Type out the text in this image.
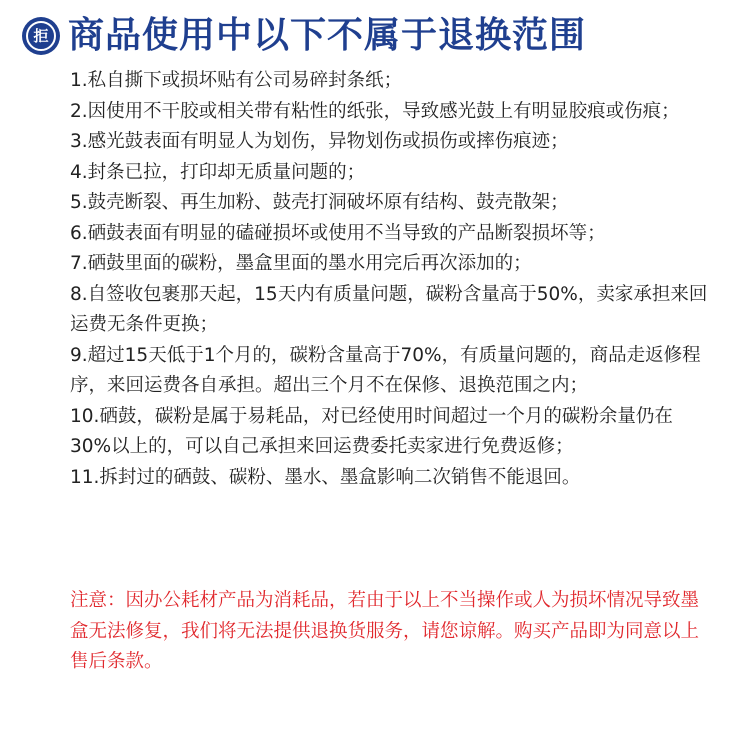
拒 商品使用中以下不属于退换范围
1.私自撕下或损坏贴有公司易碎封条纸；
2.因使用不干胶或相关带有粘性的纸张，导致感光鼓上有明显胶痕或伤痕；
3.感光鼓表面有明显人为划伤，异物划伤或损伤或摔伤痕迹；
4.封条已拉，打印却无质量问题的；
5.鼓壳断裂、再生加粉、鼓壳打洞破坏原有结构、鼓壳散架；
6.硒鼓表面有明显的磕碰损坏或使用不当导致的产品断裂损坏等；
7.硒鼓里面的碳粉，墨盒里面的墨水用完后再次添加的；
8.自签收包裹那天起，15天内有质量问题，碳粉含量高于50%，卖家承担来回运费无条件更换；
9.超过15天低于1个月的，碳粉含量高于70%，有质量问题的，商品走返修程序，来回运费各自承担。超出三个月不在保修、退换范围之内；
10.硒鼓，碳粉是属于易耗品，对已经使用时间超过一个月的碳粉余量仍在30%以上的，可以自己承担来回运费委托卖家进行免费返修；
11.拆封过的硒鼓、碳粉、墨水、墨盒影响二次销售不能退回。

注意：因办公耗材产品为消耗品，若由于以上不当操作或人为损坏情况导致墨盒无法修复，我们将无法提供退换货服务，请您谅解。购买产品即为同意以上售后条款。
